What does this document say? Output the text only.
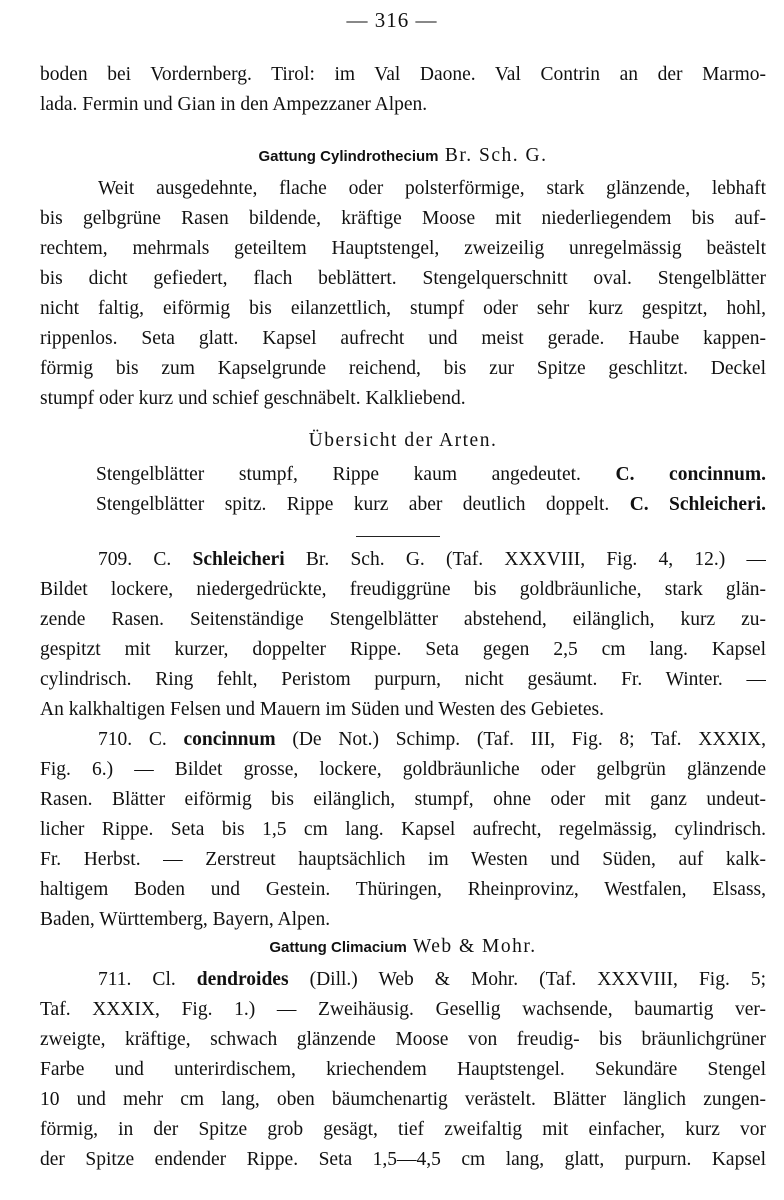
— 316 —
boden bei Vordernberg. Tirol: im Val Daone. Val Contrin an der Marmo-
lada. Fermin und Gian in den Ampezzaner Alpen.
Gattung Cylindrothecium Br. Sch. G.
Weit ausgedehnte, flache oder polsterförmige, stark glänzende, lebhaft
bis gelbgrüne Rasen bildende, kräftige Moose mit niederliegendem bis auf-
rechtem, mehrmals geteiltem Hauptstengel, zweizeilig unregelmässig beästelt
bis dicht gefiedert, flach beblättert. Stengelquerschnitt oval. Stengelblätter
nicht faltig, eiförmig bis eilanzettlich, stumpf oder sehr kurz gespitzt, hohl,
rippenlos. Seta glatt. Kapsel aufrecht und meist gerade. Haube kappen-
förmig bis zum Kapselgrunde reichend, bis zur Spitze geschlitzt. Deckel
stumpf oder kurz und schief geschnäbelt. Kalkliebend.
Übersicht der Arten.
Stengelblätter stumpf, Rippe kaum angedeutet. C. concinnum.
Stengelblätter spitz. Rippe kurz aber deutlich doppelt. C. Schleicheri.
709. C. Schleicheri Br. Sch. G. (Taf. XXXVIII, Fig. 4, 12.) —
Bildet lockere, niedergedrückte, freudiggrüne bis goldbräunliche, stark glän-
zende Rasen. Seitenständige Stengelblätter abstehend, eilänglich, kurz zu-
gespitzt mit kurzer, doppelter Rippe. Seta gegen 2,5 cm lang. Kapsel
cylindrisch. Ring fehlt, Peristom purpurn, nicht gesäumt. Fr. Winter. —
An kalkhaltigen Felsen und Mauern im Süden und Westen des Gebietes.
710. C. concinnum (De Not.) Schimp. (Taf. III, Fig. 8; Taf. XXXIX,
Fig. 6.) — Bildet grosse, lockere, goldbräunliche oder gelbgrün glänzende
Rasen. Blätter eiförmig bis eilänglich, stumpf, ohne oder mit ganz undeut-
licher Rippe. Seta bis 1,5 cm lang. Kapsel aufrecht, regelmässig, cylindrisch.
Fr. Herbst. — Zerstreut hauptsächlich im Westen und Süden, auf kalk-
haltigem Boden und Gestein. Thüringen, Rheinprovinz, Westfalen, Elsass,
Baden, Württemberg, Bayern, Alpen.
Gattung Climacium Web & Mohr.
711. Cl. dendroides (Dill.) Web & Mohr. (Taf. XXXVIII, Fig. 5;
Taf. XXXIX, Fig. 1.) — Zweihäusig. Gesellig wachsende, baumartig ver-
zweigte, kräftige, schwach glänzende Moose von freudig- bis bräunlichgrüner
Farbe und unterirdischem, kriechendem Hauptstengel. Sekundäre Stengel
10 und mehr cm lang, oben bäumchenartig verästelt. Blätter länglich zungen-
förmig, in der Spitze grob gesägt, tief zweifaltig mit einfacher, kurz vor
der Spitze endender Rippe. Seta 1,5—4,5 cm lang, glatt, purpurn. Kapsel
